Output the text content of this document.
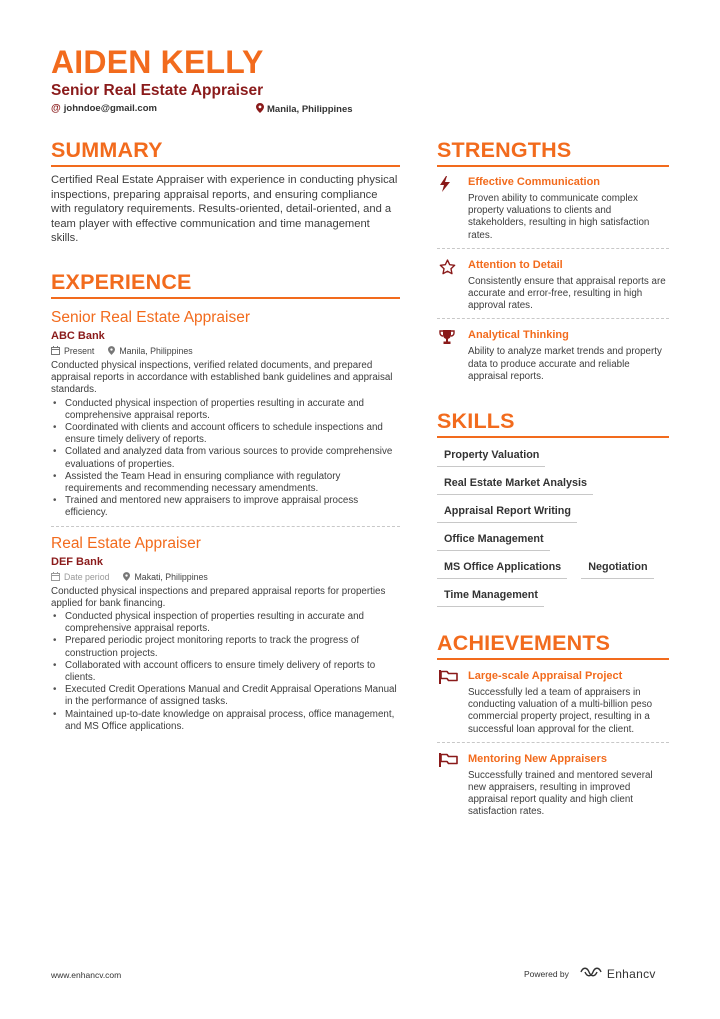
AIDEN KELLY
Senior Real Estate Appraiser
@ johndoe@gmail.com	Manila, Philippines
SUMMARY
Certified Real Estate Appraiser with experience in conducting physical inspections, preparing appraisal reports, and ensuring compliance with regulatory requirements. Results-oriented, detail-oriented, and a team player with effective communication and time management skills.
EXPERIENCE
Senior Real Estate Appraiser
ABC Bank
Present	Manila, Philippines
Conducted physical inspections, verified related documents, and prepared appraisal reports in accordance with established bank guidelines and appraisal standards.
• Conducted physical inspection of properties resulting in accurate and comprehensive appraisal reports.
• Coordinated with clients and account officers to schedule inspections and ensure timely delivery of reports.
• Collated and analyzed data from various sources to provide comprehensive evaluations of properties.
• Assisted the Team Head in ensuring compliance with regulatory requirements and recommending necessary amendments.
• Trained and mentored new appraisers to improve appraisal process efficiency.
Real Estate Appraiser
DEF Bank
Date period	Makati, Philippines
Conducted physical inspections and prepared appraisal reports for properties applied for bank financing.
• Conducted physical inspection of properties resulting in accurate and comprehensive appraisal reports.
• Prepared periodic project monitoring reports to track the progress of construction projects.
• Collaborated with account officers to ensure timely delivery of reports to clients.
• Executed Credit Operations Manual and Credit Appraisal Operations Manual in the performance of assigned tasks.
• Maintained up-to-date knowledge on appraisal process, office management, and MS Office applications.
STRENGTHS
Effective Communication
Proven ability to communicate complex property valuations to clients and stakeholders, resulting in high satisfaction rates.
Attention to Detail
Consistently ensure that appraisal reports are accurate and error-free, resulting in high approval rates.
Analytical Thinking
Ability to analyze market trends and property data to produce accurate and reliable appraisal reports.
SKILLS
Property Valuation
Real Estate Market Analysis
Appraisal Report Writing
Office Management
MS Office Applications	Negotiation
Time Management
ACHIEVEMENTS
Large-scale Appraisal Project
Successfully led a team of appraisers in conducting valuation of a multi-billion peso commercial property project, resulting in a successful loan approval for the client.
Mentoring New Appraisers
Successfully trained and mentored several new appraisers, resulting in improved appraisal report quality and high client satisfaction rates.
www.enhancv.com	Powered by	Enhancv
